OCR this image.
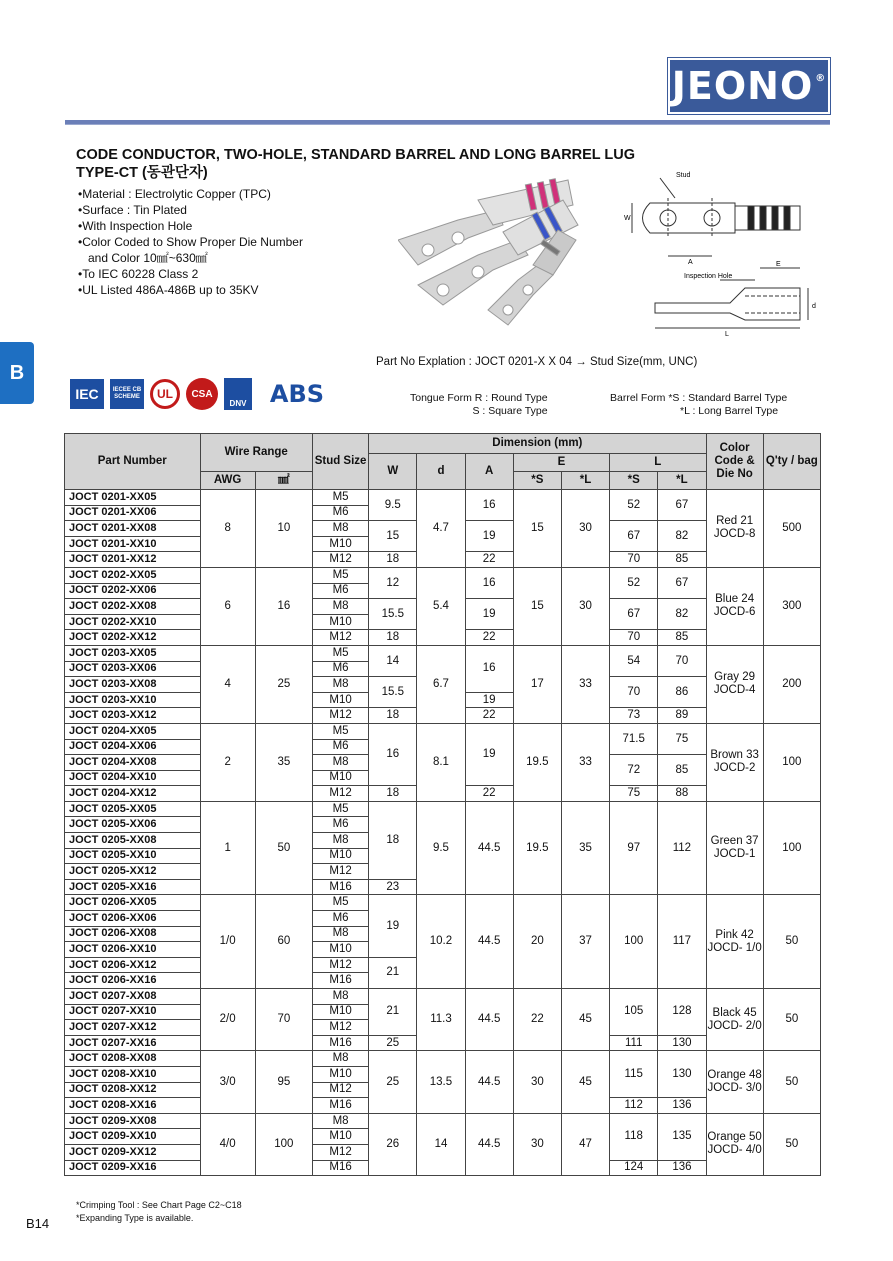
JEONO®
B
CODE CONDUCTOR, TWO-HOLE, STANDARD BARREL AND LONG BARREL LUG
TYPE-CT (동관단자)
• Material : Electrolytic Copper (TPC)
• Surface : Tin Plated
• With Inspection Hole
• Color Coded to Show Proper Die Number
and Color 10㎟~630㎟
• To IEC 60228 Class 2
• UL Listed 486A-486B up to 35KV
Stud
W
A
Inspection Hole
E
L
d
Part No Explation : JOCT 0201-X X 04 → Stud Size(mm, UNC)
Tongue Form R : Round Type
S : Square Type
Barrel Form *S : Standard Barrel Type
*L : Long Barrel Type
IEC	IECEE CB SCHEME	UL CSA
DNV ABS
Part Number	Wire Range		Stud Size	Dimension (mm)							Color Code & Die No	Q'ty / bag
				W	d	A	E		L			
	AWG	㎟					*S	*L	*S	*L		
JOCT 0201-XX05	8	10	M5	9.5	4.7	16	15	30	52	67	Red 21 JOCD-8	500
JOCT 0201-XX06			M6									
JOCT 0201-XX08			M8	15		19			67	82		
JOCT 0201-XX10			M10									
JOCT 0201-XX12			M12	18		22			70	85		
JOCT 0202-XX05	6	16	M5	12	5.4	16	15	30	52	67	Blue 24 JOCD-6	300
JOCT 0202-XX06			M6									
JOCT 0202-XX08			M8	15.5		19			67	82		
JOCT 0202-XX10			M10									
JOCT 0202-XX12			M12	18		22			70	85		
JOCT 0203-XX05	4	25	M5	14	6.7	16	17	33	54	70	Gray 29 JOCD-4	200
JOCT 0203-XX06			M6									
JOCT 0203-XX08			M8	15.5					70	86		
JOCT 0203-XX10			M10			19						
JOCT 0203-XX12			M12	18		22			73	89		
JOCT 0204-XX05	2	35	M5	16	8.1	19	19.5	33	71.5	75	Brown 33 JOCD-2	100
JOCT 0204-XX06			M6									
JOCT 0204-XX08			M8						72	85		
JOCT 0204-XX10			M10									
JOCT 0204-XX12			M12	18		22			75	88		
JOCT 0205-XX05	1	50	M5	18	9.5	44.5	19.5	35	97	112	Green 37 JOCD-1	100
JOCT 0205-XX06			M6									
JOCT 0205-XX08			M8									
JOCT 0205-XX10			M10									
JOCT 0205-XX12			M12									
JOCT 0205-XX16			M16	23								
JOCT 0206-XX05	1/0	60	M5	19	10.2	44.5	20	37	100	117	Pink 42 JOCD- 1/0	50
JOCT 0206-XX06			M6									
JOCT 0206-XX08			M8									
JOCT 0206-XX10			M10									
JOCT 0206-XX12			M12	21								
JOCT 0206-XX16			M16									
JOCT 0207-XX08	2/0	70	M8	21	11.3	44.5	22	45	105	128	Black 45 JOCD- 2/0	50
JOCT 0207-XX10			M10									
JOCT 0207-XX12			M12									
JOCT 0207-XX16			M16	25					111	130		
JOCT 0208-XX08	3/0	95	M8	25	13.5	44.5	30	45	115	130	Orange 48 JOCD- 3/0	50
JOCT 0208-XX10			M10									
JOCT 0208-XX12			M12									
JOCT 0208-XX16			M16						112	136		
JOCT 0209-XX08	4/0	100	M8	26	14	44.5	30	47	118	135	Orange 50 JOCD- 4/0	50
JOCT 0209-XX10			M10									
JOCT 0209-XX12			M12									
JOCT 0209-XX16			M16						124	136		
*Crimping Tool : See Chart Page C2~C18
*Expanding Type is available.
B14
